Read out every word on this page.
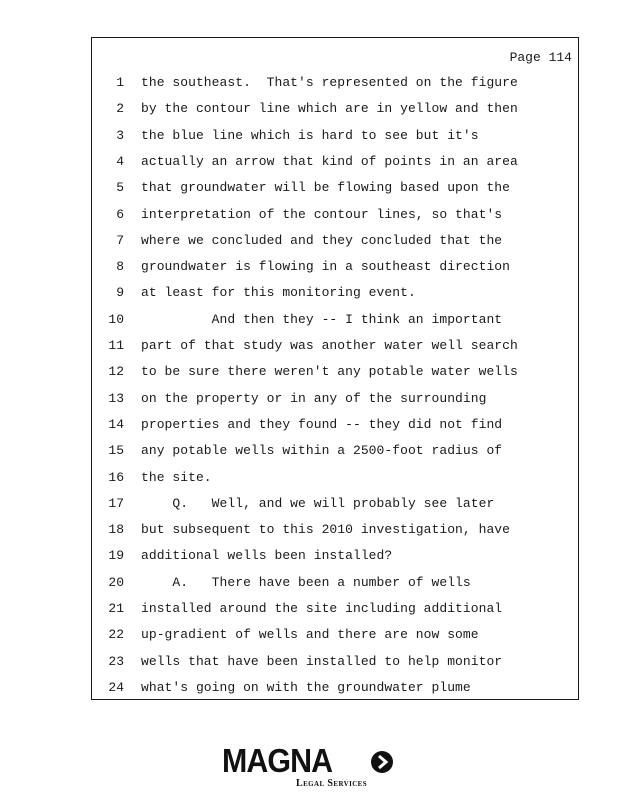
Page 114
1 the southeast.  That's represented on the figure
2 by the contour line which are in yellow and then
3 the blue line which is hard to see but it's
4 actually an arrow that kind of points in an area
5 that groundwater will be flowing based upon the
6 interpretation of the contour lines, so that's
7 where we concluded and they concluded that the
8 groundwater is flowing in a southeast direction
9 at least for this monitoring event.
10 And then they -- I think an important
11 part of that study was another water well search
12 to be sure there weren't any potable water wells
13 on the property or in any of the surrounding
14 properties and they found -- they did not find
15 any potable wells within a 2500-foot radius of
16 the site.
17 Q.   Well, and we will probably see later
18 but subsequent to this 2010 investigation, have
19 additional wells been installed?
20 A.   There have been a number of wells
21 installed around the site including additional
22 up-gradient of wells and there are now some
23 wells that have been installed to help monitor
24 what's going on with the groundwater plume
MAGNA
Legal Services
